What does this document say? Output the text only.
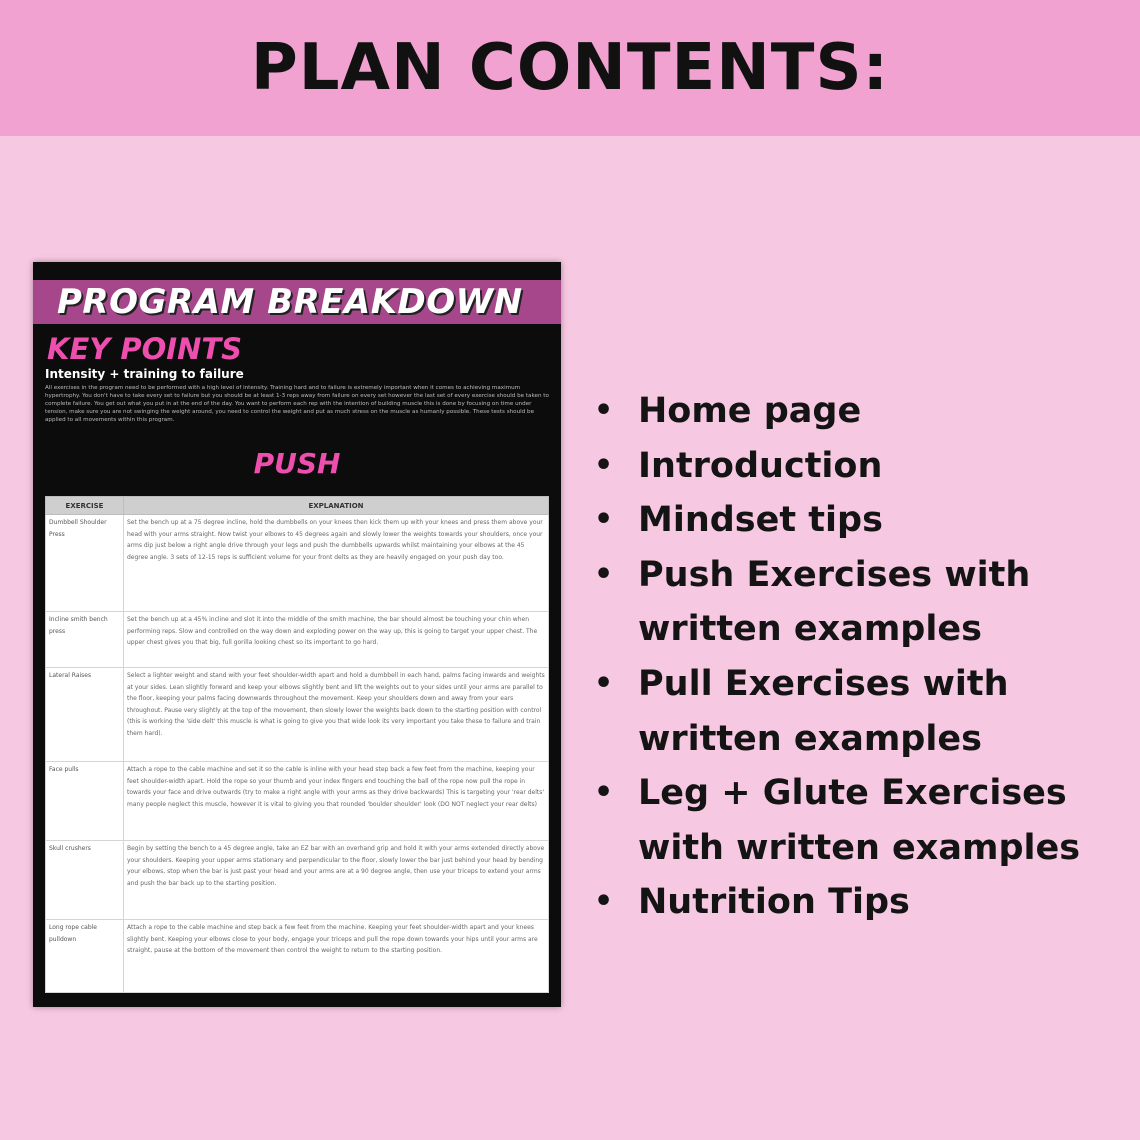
PLAN CONTENTS:
PROGRAM BREAKDOWN
KEY POINTS
Intensity + training to failure
All exercises in the program need to be performed with a high level of intensity. Training hard and to failure is extremely important when it comes to achieving maximum hypertrophy. You don't have to take every set to failure but you should be at least 1-3 reps away from failure on every set however the last set of every exercise should be taken to complete failure. You get out what you put in at the end of the day. You want to perform each rep with the intention of building muscle this is done by focusing on time under tension, make sure you are not swinging the weight around, you need to control the weight and put as much stress on the muscle as humanly possible. These tests should be applied to all movements within this program.
PUSH
EXERCISE	EXPLANATION
Dumbbell Shoulder Press	Set the bench up at a 75 degree incline, hold the dumbbells on your knees then kick them up with your knees and press them above your head with your arms straight. Now twist your elbows to 45 degrees again and slowly lower the weights towards your shoulders, once your arms dip just below a right angle drive through your legs and push the dumbbells upwards whilst maintaining your elbows at the 45 degree angle. 3 sets of 12-15 reps is sufficient volume for your front delts as they are heavily engaged on your push day too.
Incline smith bench press	Set the bench up at a 45% incline and slot it into the middle of the smith machine, the bar should almost be touching your chin when performing reps. Slow and controlled on the way down and exploding power on the way up, this is going to target your upper chest. The upper chest gives you that big, full gorilla looking chest so its important to go hard.
Lateral Raises	Select a lighter weight and stand with your feet shoulder-width apart and hold a dumbbell in each hand, palms facing inwards and weights at your sides. Lean slightly forward and keep your elbows slightly bent and lift the weights out to your sides until your arms are parallel to the floor, keeping your palms facing downwards throughout the movement. Keep your shoulders down and away from your ears throughout. Pause very slightly at the top of the movement, then slowly lower the weights back down to the starting position with control (this is working the 'side delt' this muscle is what is going to give you that wide look its very important you take these to failure and train them hard).
Face pulls	Attach a rope to the cable machine and set it so the cable is inline with your head step back a few feet from the machine, keeping your feet shoulder-width apart. Hold the rope so your thumb and your index fingers end touching the ball of the rope now pull the rope in towards your face and drive outwards (try to make a right angle with your arms as they drive backwards) This is targeting your 'rear delts' many people neglect this muscle, however it is vital to giving you that rounded 'boulder shoulder' look (DO NOT neglect your rear delts)
Skull crushers	Begin by setting the bench to a 45 degree angle, take an EZ bar with an overhand grip and hold it with your arms extended directly above your shoulders. Keeping your upper arms stationary and perpendicular to the floor, slowly lower the bar just behind your head by bending your elbows, stop when the bar is just past your head and your arms are at a 90 degree angle, then use your triceps to extend your arms and push the bar back up to the starting position.
Long rope cable pulldown	Attach a rope to the cable machine and step back a few feet from the machine. Keeping your feet shoulder-width apart and your knees slightly bent. Keeping your elbows close to your body, engage your triceps and pull the rope down towards your hips until your arms are straight, pause at the bottom of the movement then control the weight to return to the starting position.
• Home page
• Introduction
• Mindset tips
• Push Exercises with written examples
• Pull Exercises with written examples
• Leg + Glute Exercises with written examples
• Nutrition Tips
